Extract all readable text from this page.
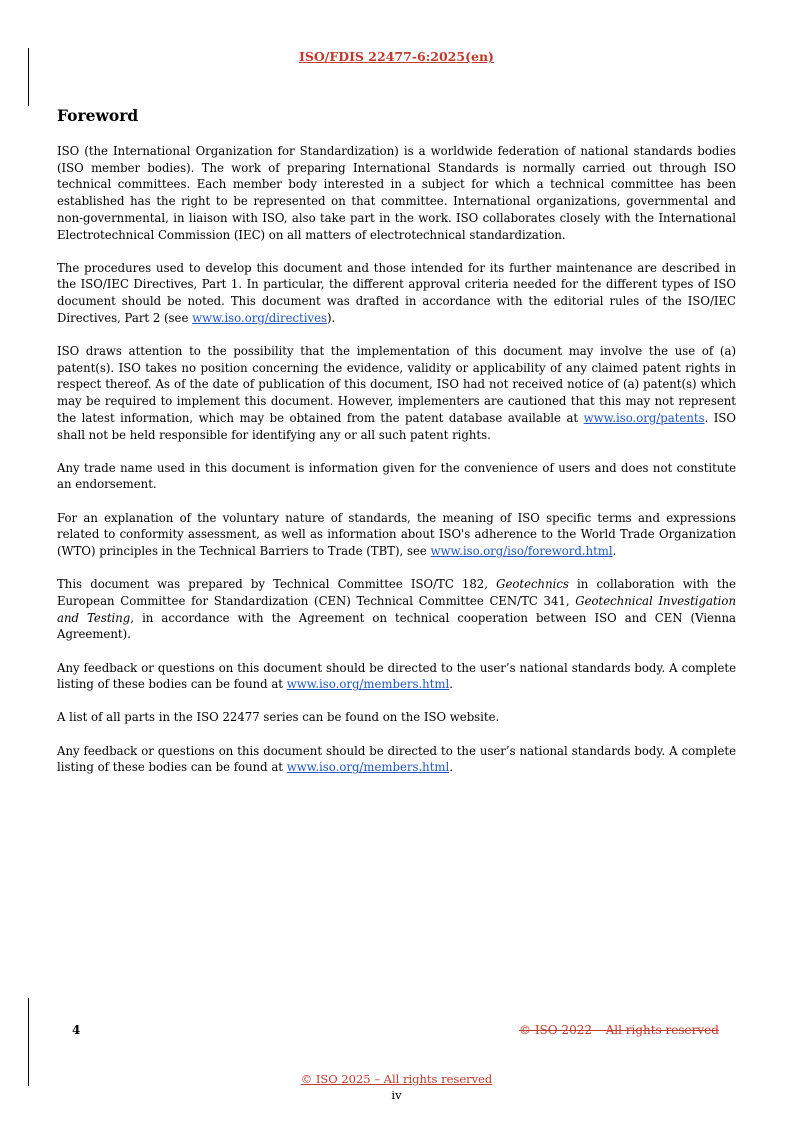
ISO/FDIS 22477-6:2025(en)
Foreword

ISO (the International Organization for Standardization) is a worldwide federation of national standards bodies (ISO member bodies). The work of preparing International Standards is normally carried out through ISO technical committees. Each member body interested in a subject for which a technical committee has been established has the right to be represented on that committee. International organizations, governmental and non-governmental, in liaison with ISO, also take part in the work. ISO collaborates closely with the International Electrotechnical Commission (IEC) on all matters of electrotechnical standardization.

The procedures used to develop this document and those intended for its further maintenance are described in the ISO/IEC Directives, Part 1. In particular, the different approval criteria needed for the different types of ISO document should be noted. This document was drafted in accordance with the editorial rules of the ISO/IEC Directives, Part 2 (see www.iso.org/directives).

ISO draws attention to the possibility that the implementation of this document may involve the use of (a) patent(s). ISO takes no position concerning the evidence, validity or applicability of any claimed patent rights in respect thereof. As of the date of publication of this document, ISO had not received notice of (a) patent(s) which may be required to implement this document. However, implementers are cautioned that this may not represent the latest information, which may be obtained from the patent database available at www.iso.org/patents. ISO shall not be held responsible for identifying any or all such patent rights.

Any trade name used in this document is information given for the convenience of users and does not constitute an endorsement.

For an explanation of the voluntary nature of standards, the meaning of ISO specific terms and expressions related to conformity assessment, as well as information about ISO's adherence to the World Trade Organization (WTO) principles in the Technical Barriers to Trade (TBT), see www.iso.org/iso/foreword.html.

This document was prepared by Technical Committee ISO/TC 182, Geotechnics in collaboration with the European Committee for Standardization (CEN) Technical Committee CEN/TC 341, Geotechnical Investigation and Testing, in accordance with the Agreement on technical cooperation between ISO and CEN (Vienna Agreement).

Any feedback or questions on this document should be directed to the user’s national standards body. A complete listing of these bodies can be found at www.iso.org/members.html.

A list of all parts in the ISO 22477 series can be found on the ISO website.

Any feedback or questions on this document should be directed to the user’s national standards body. A complete listing of these bodies can be found at www.iso.org/members.html.

4	© ISO 2022 – All rights reserved
© ISO 2025 – All rights reserved
iv
